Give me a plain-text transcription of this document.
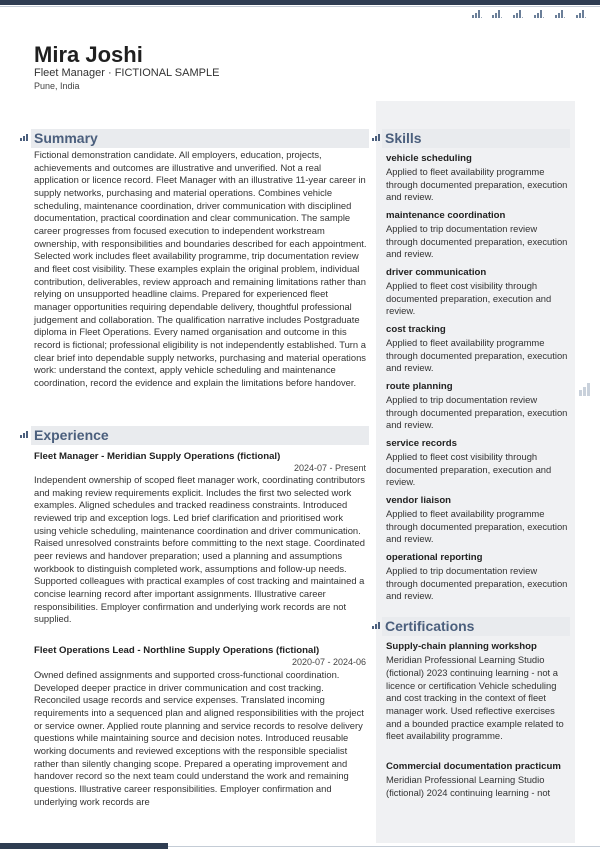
Mira Joshi
Fleet Manager · FICTIONAL SAMPLE
Pune, India
Summary
Fictional demonstration candidate. All employers, education, projects, achievements and outcomes are illustrative and unverified. Not a real application or licence record. Fleet Manager with an illustrative 11-year career in supply networks, purchasing and material operations. Combines vehicle scheduling, maintenance coordination, driver communication with disciplined documentation, practical coordination and clear communication. The sample career progresses from focused execution to independent workstream ownership, with responsibilities and boundaries described for each appointment. Selected work includes fleet availability programme, trip documentation review and fleet cost visibility. These examples explain the original problem, individual contribution, deliverables, review approach and remaining limitations rather than relying on unsupported headline claims. Prepared for experienced fleet manager opportunities requiring dependable delivery, thoughtful professional judgement and collaboration. The qualification narrative includes Postgraduate diploma in Fleet Operations. Every named organisation and outcome in this record is fictional; professional eligibility is not independently established. Turn a clear brief into dependable supply networks, purchasing and material operations work: understand the context, apply vehicle scheduling and maintenance coordination, record the evidence and explain the limitations before handover.
Experience
Fleet Manager - Meridian Supply Operations (fictional)
2024-07 - Present
Independent ownership of scoped fleet manager work, coordinating contributors and making review requirements explicit. Includes the first two selected work examples. Aligned schedules and tracked readiness constraints. Introduced reviewed trip and exception logs. Led brief clarification and prioritised work using vehicle scheduling, maintenance coordination and driver communication. Raised unresolved constraints before committing to the next stage. Coordinated peer reviews and handover preparation; used a planning and assumptions workbook to distinguish completed work, assumptions and follow-up needs. Supported colleagues with practical examples of cost tracking and maintained a concise learning record after important assignments. Illustrative career responsibilities. Employer confirmation and underlying work records are not supplied.
Fleet Operations Lead - Northline Supply Operations (fictional)
2020-07 - 2024-06
Owned defined assignments and supported cross-functional coordination. Developed deeper practice in driver communication and cost tracking. Reconciled usage records and service expenses. Translated incoming requirements into a sequenced plan and aligned responsibilities with the project or service owner. Applied route planning and service records to resolve delivery questions while maintaining source and decision notes. Introduced reusable working documents and reviewed exceptions with the responsible specialist rather than silently changing scope. Prepared a operating improvement and handover record so the next team could understand the work and remaining questions. Illustrative career responsibilities. Employer confirmation and underlying work records are
Skills
vehicle scheduling
Applied to fleet availability programme through documented preparation, execution and review.
maintenance coordination
Applied to trip documentation review through documented preparation, execution and review.
driver communication
Applied to fleet cost visibility through documented preparation, execution and review.
cost tracking
Applied to fleet availability programme through documented preparation, execution and review.
route planning
Applied to trip documentation review through documented preparation, execution and review.
service records
Applied to fleet cost visibility through documented preparation, execution and review.
vendor liaison
Applied to fleet availability programme through documented preparation, execution and review.
operational reporting
Applied to trip documentation review through documented preparation, execution and review.
Certifications
Supply-chain planning workshop
Meridian Professional Learning Studio (fictional) 2023 continuing learning - not a licence or certification Vehicle scheduling and cost tracking in the context of fleet manager work. Used reflective exercises and a bounded practice example related to fleet availability programme.
Commercial documentation practicum
Meridian Professional Learning Studio (fictional) 2024 continuing learning - not
